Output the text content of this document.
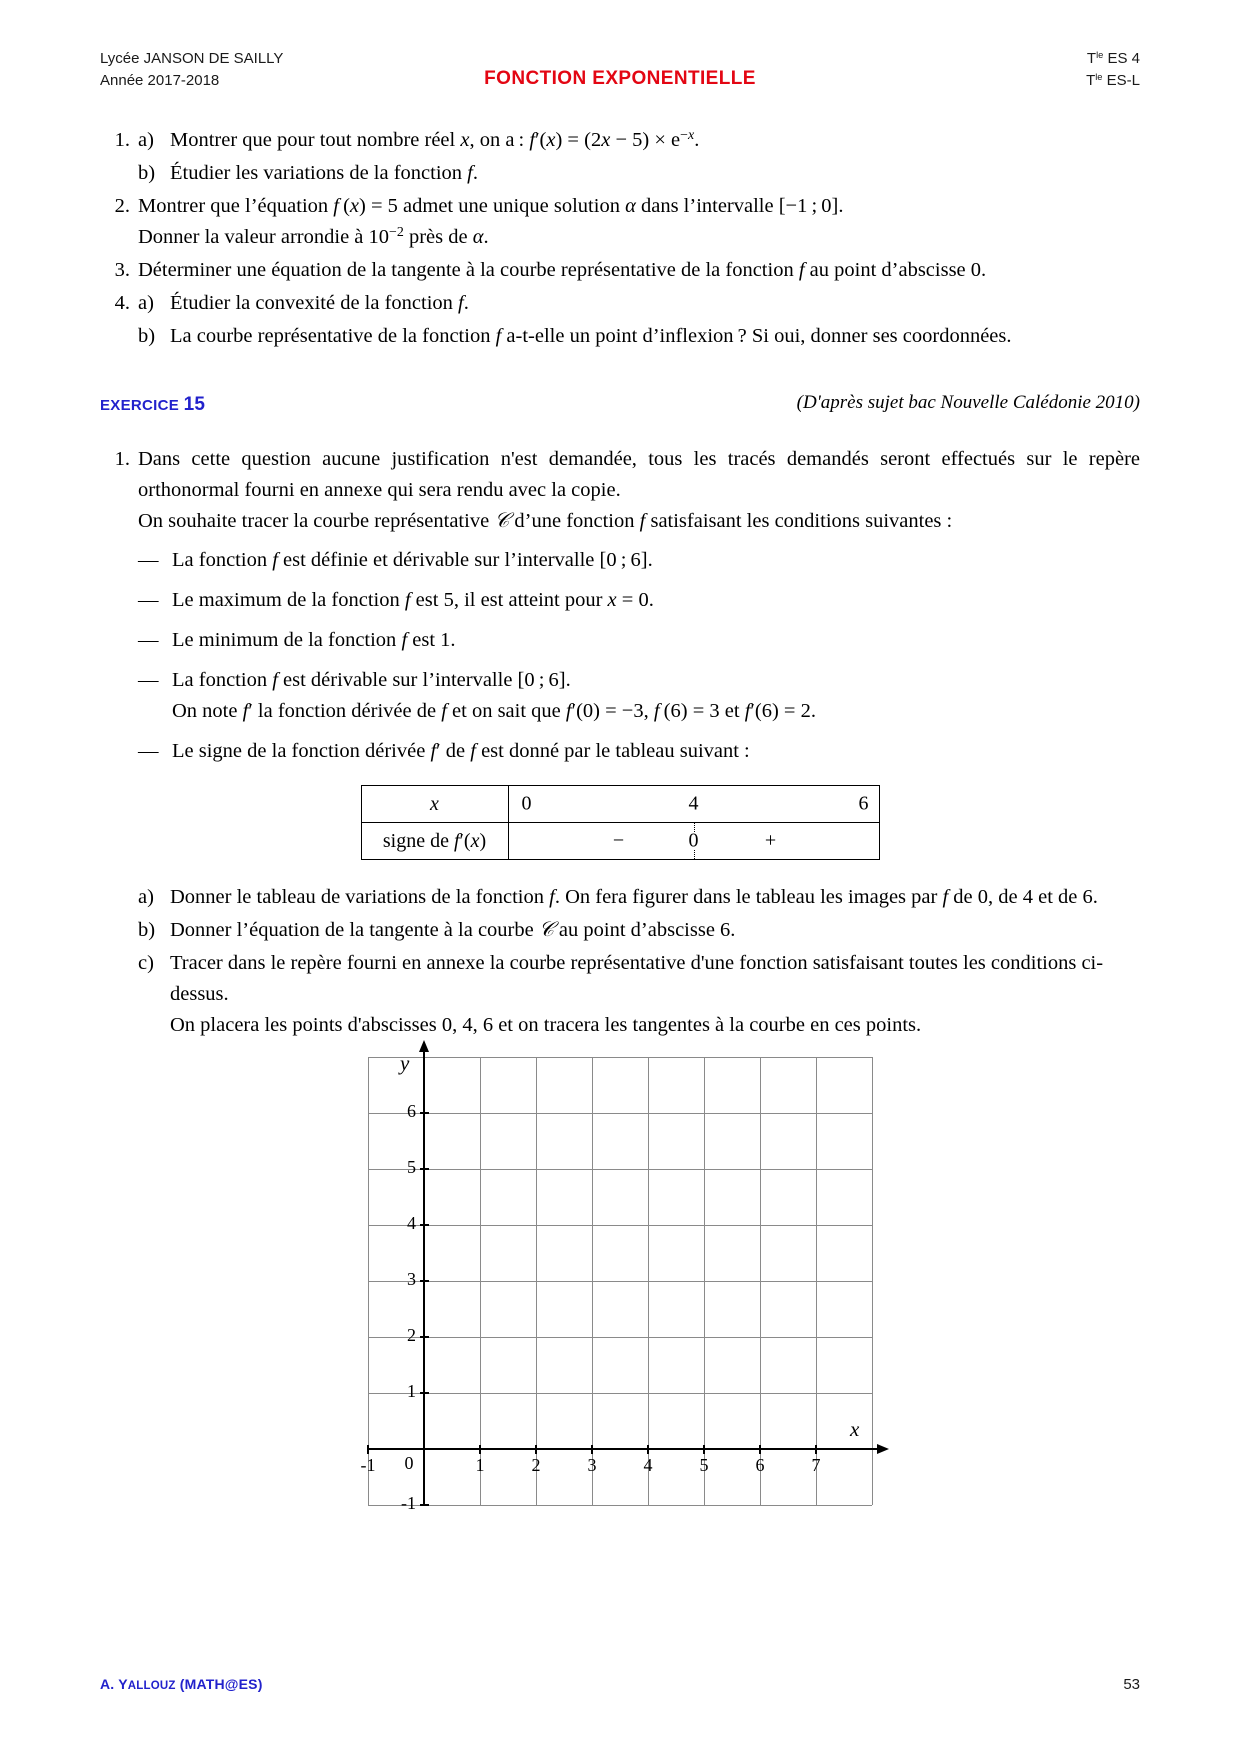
Lycée JANSON DE SAILLY
Année 2017-2018	FONCTION EXPONENTIELLE
$T^{le}$ ES 4
$T^{le}$ ES-L
1. a) Montrer que pour tout nombre réel x, on a : $f'(x) = (2x - 5) \times e^{-x}$.
b) Étudier les variations de la fonction f.
2. Montrer que l’équation f (x) = 5 admet une unique solution α dans l’intervalle [−1 ; 0].
Donner la valeur arrondie à $10^{-2}$ près de α.
3. Déterminer une équation de la tangente à la courbe représentative de la fonction f au point d’abscisse 0.
4. a) Étudier la convexité de la fonction f.
b) La courbe représentative de la fonction f a-t-elle un point d’inflexion ? Si oui, donner ses coordonnées.
EXERCICE 15	(D'après sujet bac Nouvelle Calédonie 2010)
1. Dans cette question aucune justification n'est demandée, tous les tracés demandés seront effectués sur le repère orthonormal fourni en annexe qui sera rendu avec la copie.
On souhaite tracer la courbe représentative 𝒞 d’une fonction f satisfaisant les conditions suivantes :
— La fonction f est définie et dérivable sur l’intervalle [0 ; 6].
— Le maximum de la fonction f est 5, il est atteint pour x = 0.
— Le minimum de la fonction f est 1.
— La fonction f est dérivable sur l’intervalle [0 ; 6].
On note f′ la fonction dérivée de f et on sait que f′(0) = −3, f (6) = 3 et f′(6) = 2.
— Le signe de la fonction dérivée f′ de f est donné par le tableau suivant :
x	0 4 6

signe de f′(x)	− 0 +
a) Donner le tableau de variations de la fonction f. On fera figurer dans le tableau les images par f de 0, de 4 et de 6.
b) Donner l’équation de la tangente à la courbe 𝒞 au point d’abscisse 6.
c) Tracer dans le repère fourni en annexe la courbe représentative d'une fonction satisfaisant toutes les conditions ci-dessus.
On placera les points d'abscisses 0, 4, 6 et on tracera les tangentes à la courbe en ces points.
-1
1
2
3
4
5
6
-1	0	1	2	3	4	5	6	7
y
x
A. YALLOUZ (MATH@ES)	53
